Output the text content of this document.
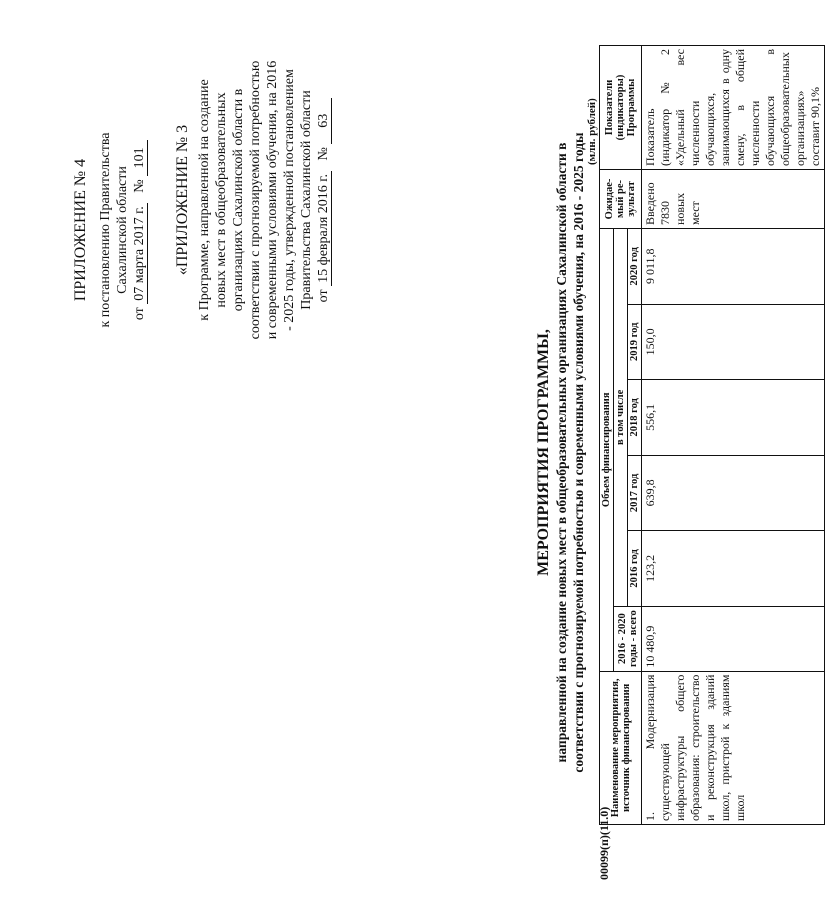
ПРИЛОЖЕНИЕ № 4 к постановлению Правительства Сахалинской области
от 07 марта 2017 г.   № 101 «ПРИЛОЖЕНИЕ № 3 к Программе, направленной на создание новых мест в общеобразовательных организациях Сахалинской области в соответствии с прогнозируемой потребностью и современными условиями обучения, на 2016 - 2025 годы, утвержденной постановлением Правительства Сахалинской области от 15 февраля 2016 г.   № 63
МЕРОПРИЯТИЯ ПРОГРАММЫ, направленной на создание новых мест в общеобразовательных организациях Сахалинской области в соответствии с прогнозируемой потребностью и современными условиями обучения, на 2016 - 2025 годы
(млн. рублей)
Наименование мероприятия, источник финансирования	Объем финансирования						Ожидае-мый ре-зультат	Показатели (индикаторы) Программы
	2016 - 2020 годы - всего	в том числе						
		2016 год	2017 год	2018 год	2019 год	2020 год		
1. Модернизация существующей инфраструктуры общего образования: строительство и реконструкция зданий школ, пристрой к зданиям школ	10 480,9	123,2	639,8	556,1	150,0	9 011,8	Введено 7830 новых мест	Показатель (индикатор № 2 «Удельный вес численности обучающихся, занимающихся в одну смену, в общей численности обучающихся в общеобразовательных организациях» составит 90,1%
00099(п)(11.0)
